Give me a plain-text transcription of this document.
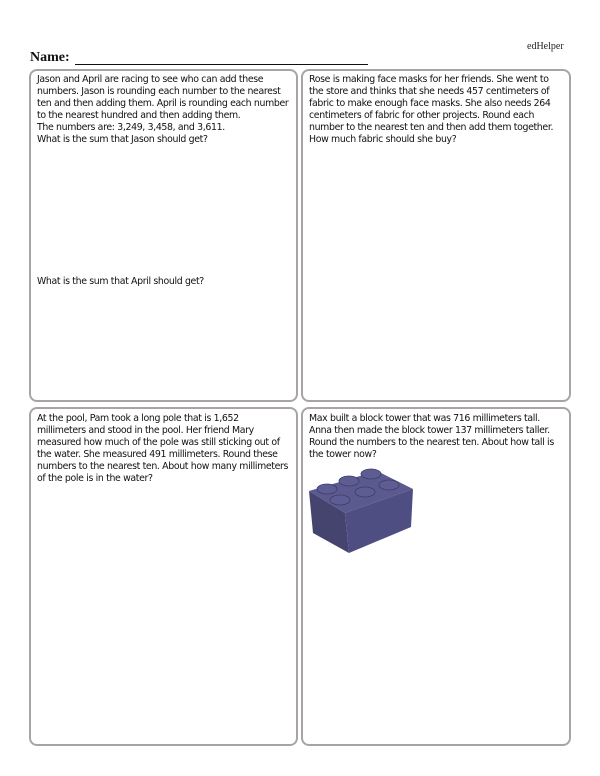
edHelper
Name:
Jason and April are racing to see who can add these numbers. Jason is rounding each number to the nearest ten and then adding them. April is rounding each number to the nearest hundred and then adding them.
The numbers are: 3,249, 3,458, and 3,611.
What is the sum that Jason should get?
What is the sum that April should get?
Rose is making face masks for her friends. She went to the store and thinks that she needs 457 centimeters of fabric to make enough face masks. She also needs 264 centimeters of fabric for other projects. Round each number to the nearest ten and then add them together. How much fabric should she buy?
At the pool, Pam took a long pole that is 1,652 millimeters and stood in the pool. Her friend Mary measured how much of the pole was still sticking out of the water. She measured 491 millimeters. Round these numbers to the nearest ten. About how many millimeters of the pole is in the water?
Max built a block tower that was 716 millimeters tall. Anna then made the block tower 137 millimeters taller. Round the numbers to the nearest ten. About how tall is the tower now?
